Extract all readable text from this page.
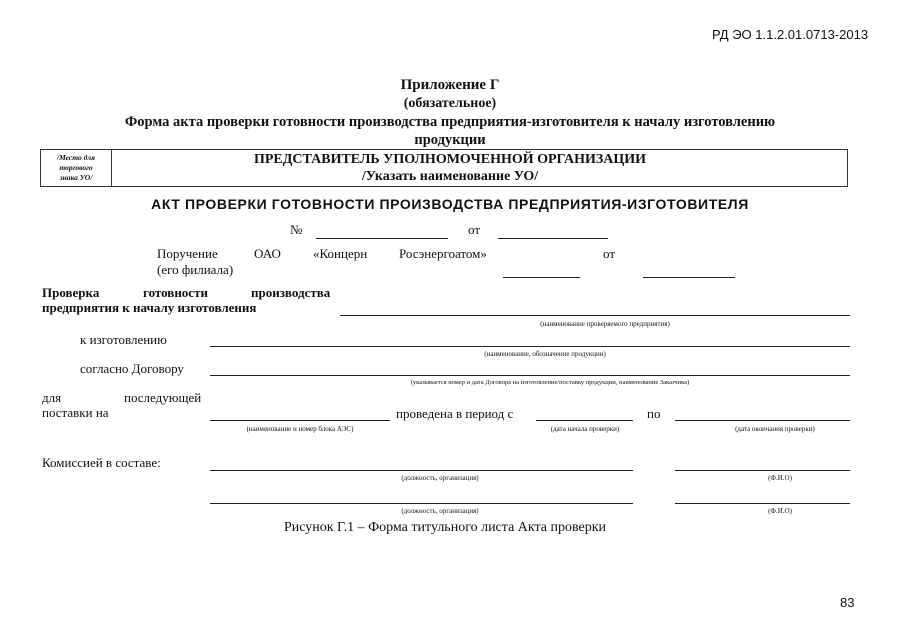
РД ЭО 1.1.2.01.0713-2013
Приложение Г
(обязательное)
Форма акта проверки готовности производства предприятия-изготовителя к началу изготовлению
продукции
/Место для
торгового
знака УО/
ПРЕДСТАВИТЕЛЬ УПОЛНОМОЧЕННОЙ ОРГАНИЗАЦИИ
/Указать наименование УО/
АКТ ПРОВЕРКИ ГОТОВНОСТИ ПРОИЗВОДСТВА ПРЕДПРИЯТИЯ-ИЗГОТОВИТЕЛЯ
№	от
Поручение	ОАО «Концерн Росэнергоатом»	от
(его филиала)
Проверка	готовности	производства
предприятия к началу изготовления
(наименование проверяемого предприятия)
к изготовлению
(наименование, обозначение продукции)
согласно Договору
(указывается номер и дата Договора на изготовление/поставку продукции, наименование Заказчика)
для	последующей
поставки на
(наименование и номер блока АЭС)
проведена в период с
(дата начала проверки)
по
(дата окончания проверки)
Комиссией в составе:
(должность, организация)	(Ф.И.О)
(должность, организация)	(Ф.И.О)
Рисунок Г.1 – Форма титульного листа Акта проверки
83
